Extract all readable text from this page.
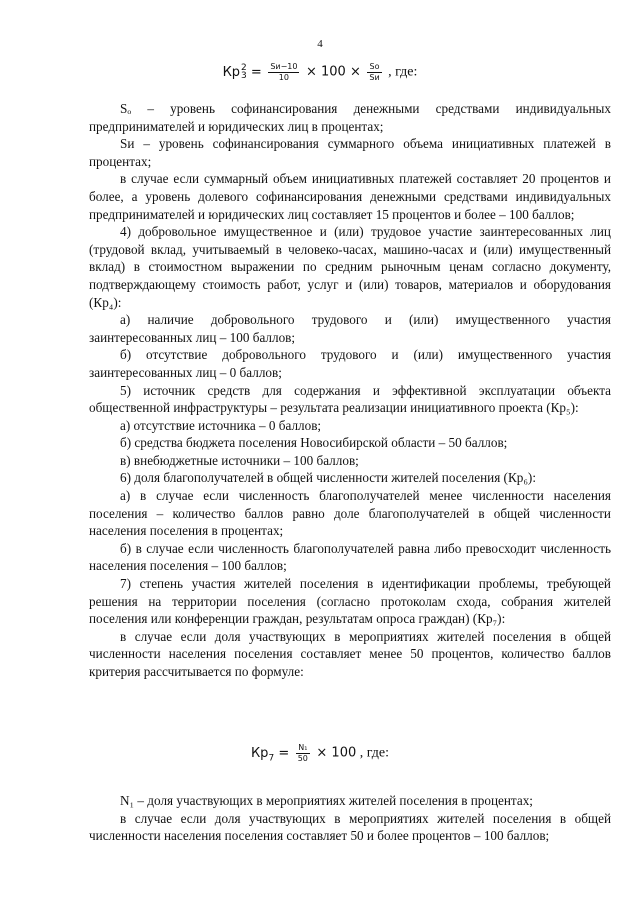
4
Кр 2
$3 = \frac{Sи-10}{10} \times 100 \times \frac{So}{Sи}$ , где:

Sₒ – уровень софинансирования денежными средствами индивидуальных предпринимателей и юридических лиц в процентах;

Sи – уровень софинансирования суммарного объема инициативных платежей в процентах;

в случае если суммарный объем инициативных платежей составляет 20 процентов и более, а уровень долевого софинансирования денежными средствами индивидуальных предпринимателей и юридических лиц составляет 15 процентов и более – 100 баллов;

4) добровольное имущественное и (или) трудовое участие заинтересованных лиц (трудовой вклад, учитываемый в человеко-часах, машино-часах и (или) имущественный вклад) в стоимостном выражении по средним рыночным ценам согласно документу, подтверждающему стоимость работ, услуг и (или) товаров, материалов и оборудования (Кр₄):

а) наличие добровольного трудового и (или) имущественного участия заинтересованных лиц – 100 баллов;

б) отсутствие добровольного трудового и (или) имущественного участия заинтересованных лиц – 0 баллов;

5) источник средств для содержания и эффективной эксплуатации объекта общественной инфраструктуры – результата реализации инициативного проекта (Кр₅):

а) отсутствие источника – 0 баллов;

б) средства бюджета поселения Новосибирской области – 50 баллов;

в) внебюджетные источники – 100 баллов;

6) доля благополучателей в общей численности жителей поселения (Кр₆):

а) в случае если численность благополучателей менее численности населения поселения – количество баллов равно доле благополучателей в общей численности населения поселения в процентах;

б) в случае если численность благополучателей равна либо превосходит численность населения поселения – 100 баллов;

7) степень участия жителей поселения в идентификации проблемы, требующей решения на территории поселения (согласно протоколам схода, собрания жителей поселения или конференции граждан, результатам опроса граждан) (Кр₇):

в случае если доля участвующих в мероприятиях жителей поселения в общей численности населения поселения составляет менее 50 процентов, количество баллов критерия рассчитывается по формуле:

$Кр_7 = \frac{\text{N₁}}{50} \times 100$ , где:

N₁ – доля участвующих в мероприятиях жителей поселения в процентах;

в случае если доля участвующих в мероприятиях жителей поселения в общей численности населения поселения составляет 50 и более процентов – 100 баллов;
